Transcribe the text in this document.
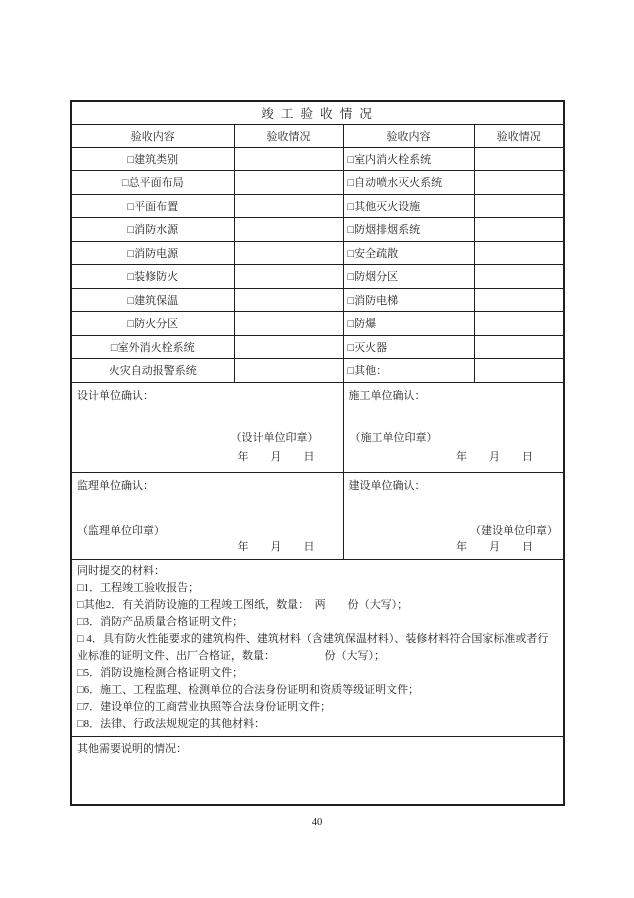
竣 工 验 收 情 况			
验收内容	验收情况	验收内容	验收情况
□建筑类别		□室内消火栓系统	
□总平面布局		□自动喷水灭火系统	
□平面布置		□其他灭火设施	
□消防水源		□防烟排烟系统	
□消防电源		□安全疏散	
□装修防火		□防烟分区	
□建筑保温		□消防电梯	
□防火分区		□防爆	
□室外消火栓系统		□灭火器	
火灾自动报警系统		□其他：	

设计单位确认：
（设计单位印章）
年　　月　　日

施工单位确认：
（施工单位印章）
年　　月　　日

监理单位确认：
（监理单位印章）
年　　月　　日

建设单位确认：
（建设单位印章）
年　　月　　日

同时提交的材料：
□1．工程竣工验收报告；
□其他2．有关消防设施的工程竣工图纸，数量：　两　　份（大写）；
□3．消防产品质量合格证明文件；
□ 4．具有防火性能要求的建筑构件、建筑材料（含建筑保温材料）、装修材料符合国家标准或者行业标准的证明文件、出厂合格证，数量：　　　　　份（大写）；
□5．消防设施检测合格证明文件；
□6．施工、工程监理、检测单位的合法身份证明和资质等级证明文件；
□7．建设单位的工商营业执照等合法身份证明文件；
□8．法律、行政法规规定的其他材料：

其他需要说明的情况：			
40
